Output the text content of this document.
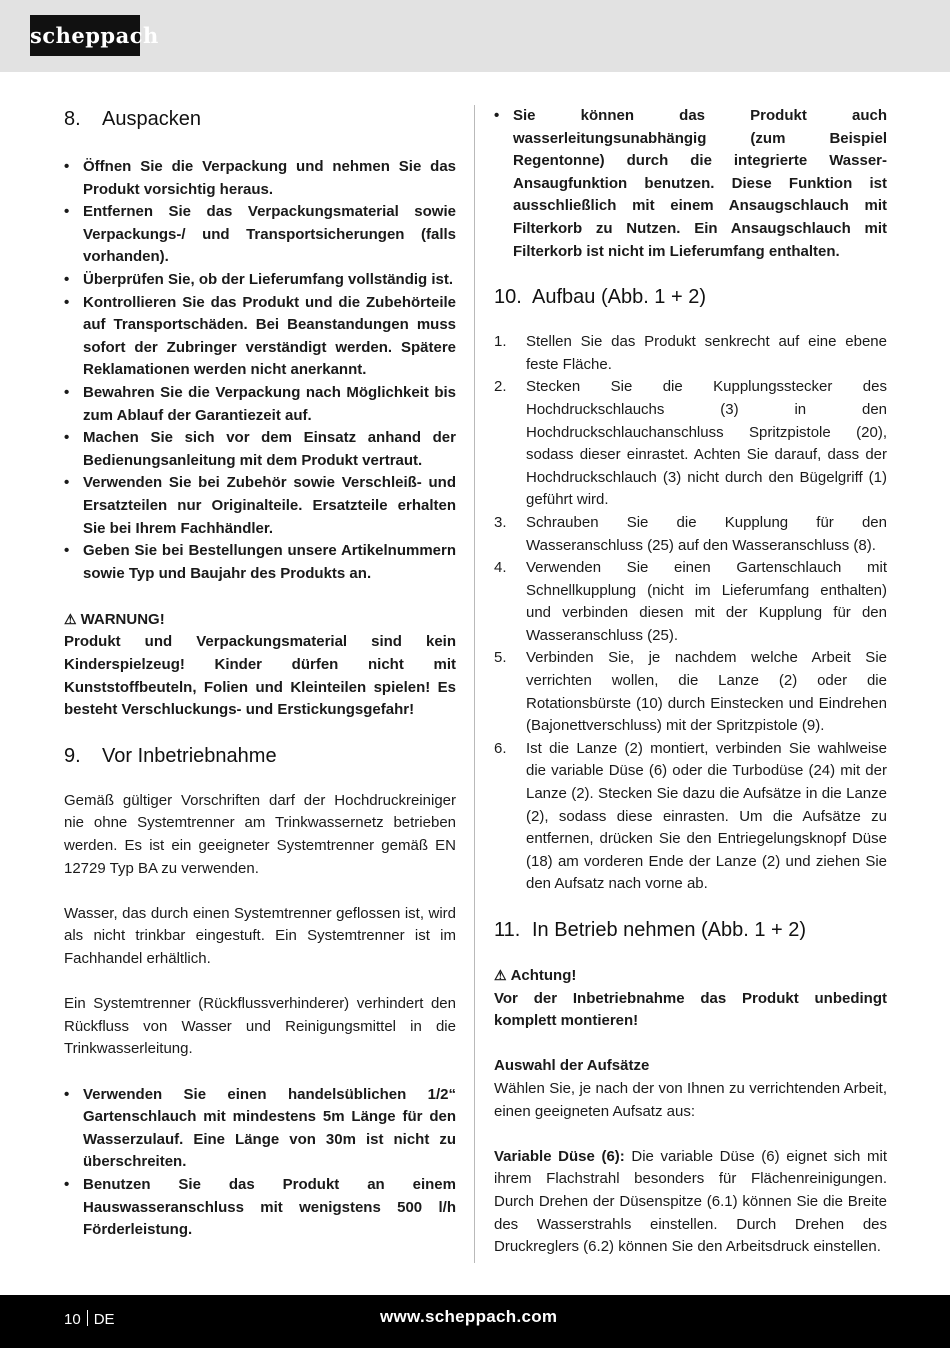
scheppach
8.	Auspacken
• Öffnen Sie die Verpackung und nehmen Sie das Produkt vorsichtig heraus.
• Entfernen Sie das Verpackungsmaterial sowie Verpackungs-/ und Transportsicherungen (falls vorhanden).
• Überprüfen Sie, ob der Lieferumfang vollständig ist.
• Kontrollieren Sie das Produkt und die Zubehörteile auf Transportschäden. Bei Beanstandungen muss sofort der Zubringer verständigt werden. Spätere Reklamationen werden nicht anerkannt.
• Bewahren Sie die Verpackung nach Möglichkeit bis zum Ablauf der Garantiezeit auf.
• Machen Sie sich vor dem Einsatz anhand der Bedienungsanleitung mit dem Produkt vertraut.
• Verwenden Sie bei Zubehör sowie Verschleiß- und Ersatzteilen nur Originalteile. Ersatzteile erhalten Sie bei Ihrem Fachhändler.
• Geben Sie bei Bestellungen unsere Artikelnummern sowie Typ und Baujahr des Produkts an.
⚠ WARNUNG!

Produkt und Verpackungsmaterial sind kein Kinderspielzeug! Kinder dürfen nicht mit Kunststoffbeuteln, Folien und Kleinteilen spielen! Es besteht Verschluckungs- und Erstickungsgefahr!

9.	Vor Inbetriebnahme

Gemäß gültiger Vorschriften darf der Hochdruckreiniger nie ohne Systemtrenner am Trinkwassernetz betrieben werden. Es ist ein geeigneter Systemtrenner gemäß EN 12729 Typ BA zu verwenden.

Wasser, das durch einen Systemtrenner geflossen ist, wird als nicht trinkbar eingestuft. Ein Systemtrenner ist im Fachhandel erhältlich.

Ein Systemtrenner (Rückflussverhinderer) verhindert den Rückfluss von Wasser und Reinigungsmittel in die Trinkwasserleitung.

• Verwenden Sie einen handelsüblichen 1/2“ Gartenschlauch mit mindestens 5m Länge für den Wasserzulauf. Eine Länge von 30m ist nicht zu überschreiten.
• Benutzen Sie das Produkt an einem Hauswasseranschluss mit wenigstens 500 l/h Förderleistung.
• Sie können das Produkt auch wasserleitungsunabhängig (zum Beispiel Regentonne) durch die integrierte Wasser-Ansaugfunktion benutzen. Diese Funktion ist ausschließlich mit einem Ansaugschlauch mit Filterkorb zu Nutzen. Ein Ansaugschlauch mit Filterkorb ist nicht im Lieferumfang enthalten.
10. Aufbau (Abb. 1 + 2)
1. Stellen Sie das Produkt senkrecht auf eine ebene feste Fläche.
2. Stecken Sie die Kupplungsstecker des Hochdruckschlauchs (3) in den Hochdruckschlauchanschluss Spritzpistole (20), sodass dieser einrastet. Achten Sie darauf, dass der Hochdruckschlauch (3) nicht durch den Bügelgriff (1) geführt wird.
3. Schrauben Sie die Kupplung für den Wasseranschluss (25) auf den Wasseranschluss (8).
4. Verwenden Sie einen Gartenschlauch mit Schnellkupplung (nicht im Lieferumfang enthalten) und verbinden diesen mit der Kupplung für den Wasseranschluss (25).
5. Verbinden Sie, je nachdem welche Arbeit Sie verrichten wollen, die Lanze (2) oder die Rotationsbürste (10) durch Einstecken und Eindrehen (Bajonettverschluss) mit der Spritzpistole (9).
6. Ist die Lanze (2) montiert, verbinden Sie wahlweise die variable Düse (6) oder die Turbodüse (24) mit der Lanze (2). Stecken Sie dazu die Aufsätze in die Lanze (2), sodass diese einrasten. Um die Aufsätze zu entfernen, drücken Sie den Entriegelungsknopf Düse (18) am vorderen Ende der Lanze (2) und ziehen Sie den Aufsatz nach vorne ab.
11. In Betrieb nehmen (Abb. 1 + 2)
⚠ Achtung!

Vor der Inbetriebnahme das Produkt unbedingt komplett montieren!

Auswahl der Aufsätze

Wählen Sie, je nach der von Ihnen zu verrichtenden Arbeit, einen geeigneten Aufsatz aus:

Variable Düse (6): Die variable Düse (6) eignet sich mit ihrem Flachstrahl besonders für Flächenreinigungen. Durch Drehen der Düsenspitze (6.1) können Sie die Breite des Wasserstrahls einstellen. Durch Drehen des Druckreglers (6.2) können Sie den Arbeitsdruck einstellen.

10 DE	www.scheppach.com
